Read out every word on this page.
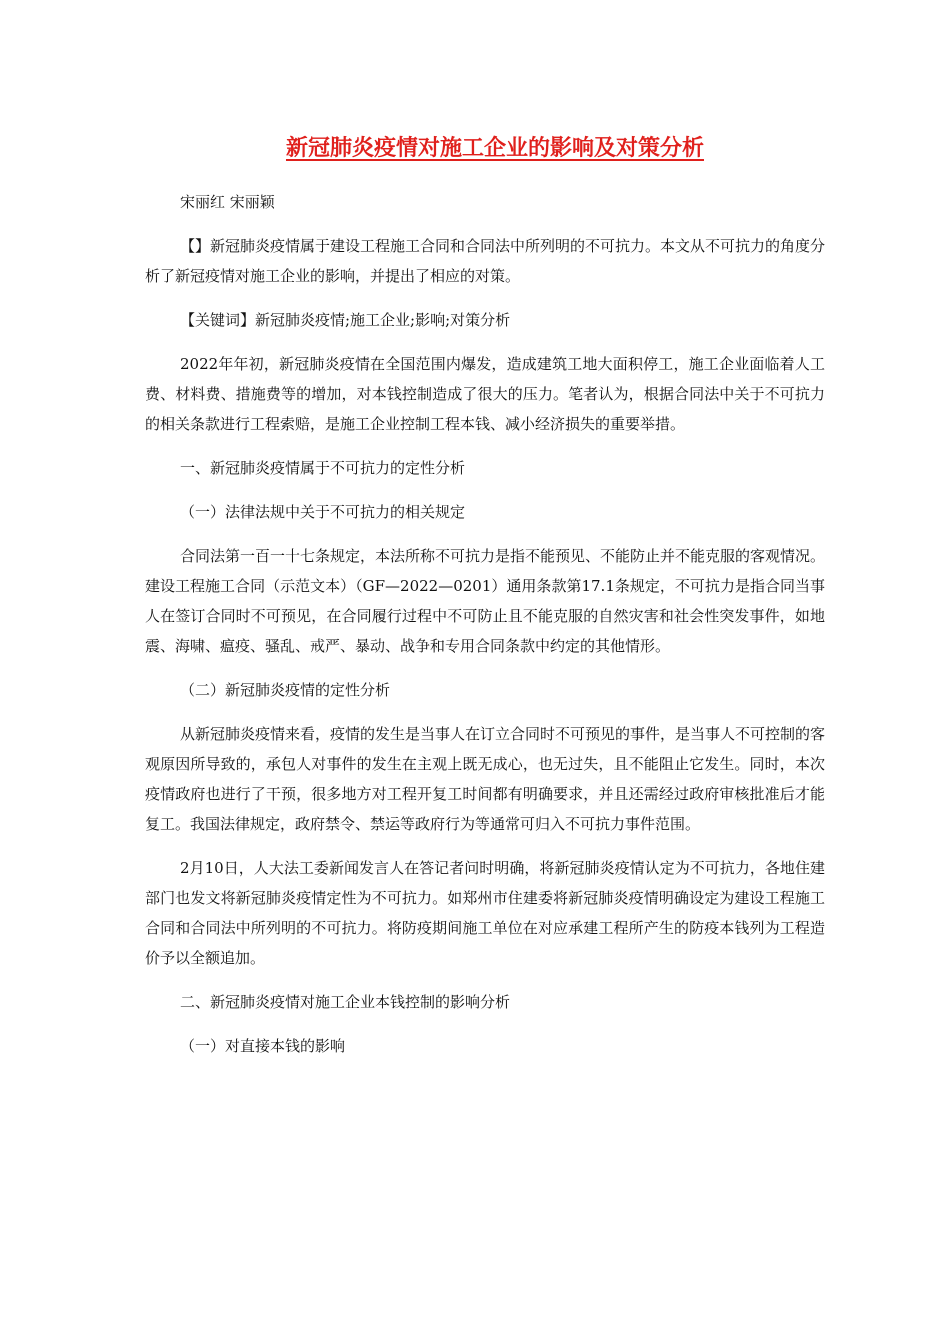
新冠肺炎疫情对施工企业的影响及对策分析

宋丽红 宋丽颖

【】新冠肺炎疫情属于建设工程施工合同和合同法中所列明的不可抗力。本文从不可抗力的角度分析了新冠疫情对施工企业的影响，并提出了相应的对策。

【关键词】新冠肺炎疫情;施工企业;影响;对策分析

2022年年初，新冠肺炎疫情在全国范围内爆发，造成建筑工地大面积停工，施工企业面临着人工费、材料费、措施费等的增加，对本钱控制造成了很大的压力。笔者认为，根据合同法中关于不可抗力的相关条款进行工程索赔，是施工企业控制工程本钱、减小经济损失的重要举措。

一、新冠肺炎疫情属于不可抗力的定性分析

（一）法律法规中关于不可抗力的相关规定

合同法第一百一十七条规定，本法所称不可抗力是指不能预见、不能防止并不能克服的客观情况。建设工程施工合同（示范文本）（GF—2022—0201）通用条款第17.1条规定，不可抗力是指合同当事人在签订合同时不可预见，在合同履行过程中不可防止且不能克服的自然灾害和社会性突发事件，如地震、海啸、瘟疫、骚乱、戒严、暴动、战争和专用合同条款中约定的其他情形。

（二）新冠肺炎疫情的定性分析

从新冠肺炎疫情来看，疫情的发生是当事人在订立合同时不可预见的事件，是当事人不可控制的客观原因所导致的，承包人对事件的发生在主观上既无成心，也无过失，且不能阻止它发生。同时，本次疫情政府也进行了干预，很多地方对工程开复工时间都有明确要求，并且还需经过政府审核批准后才能复工。我国法律规定，政府禁令、禁运等政府行为等通常可归入不可抗力事件范围。

2月10日，人大法工委新闻发言人在答记者问时明确，将新冠肺炎疫情认定为不可抗力，各地住建部门也发文将新冠肺炎疫情定性为不可抗力。如郑州市住建委将新冠肺炎疫情明确设定为建设工程施工合同和合同法中所列明的不可抗力。将防疫期间施工单位在对应承建工程所产生的防疫本钱列为工程造价予以全额追加。

二、新冠肺炎疫情对施工企业本钱控制的影响分析

（一）对直接本钱的影响
